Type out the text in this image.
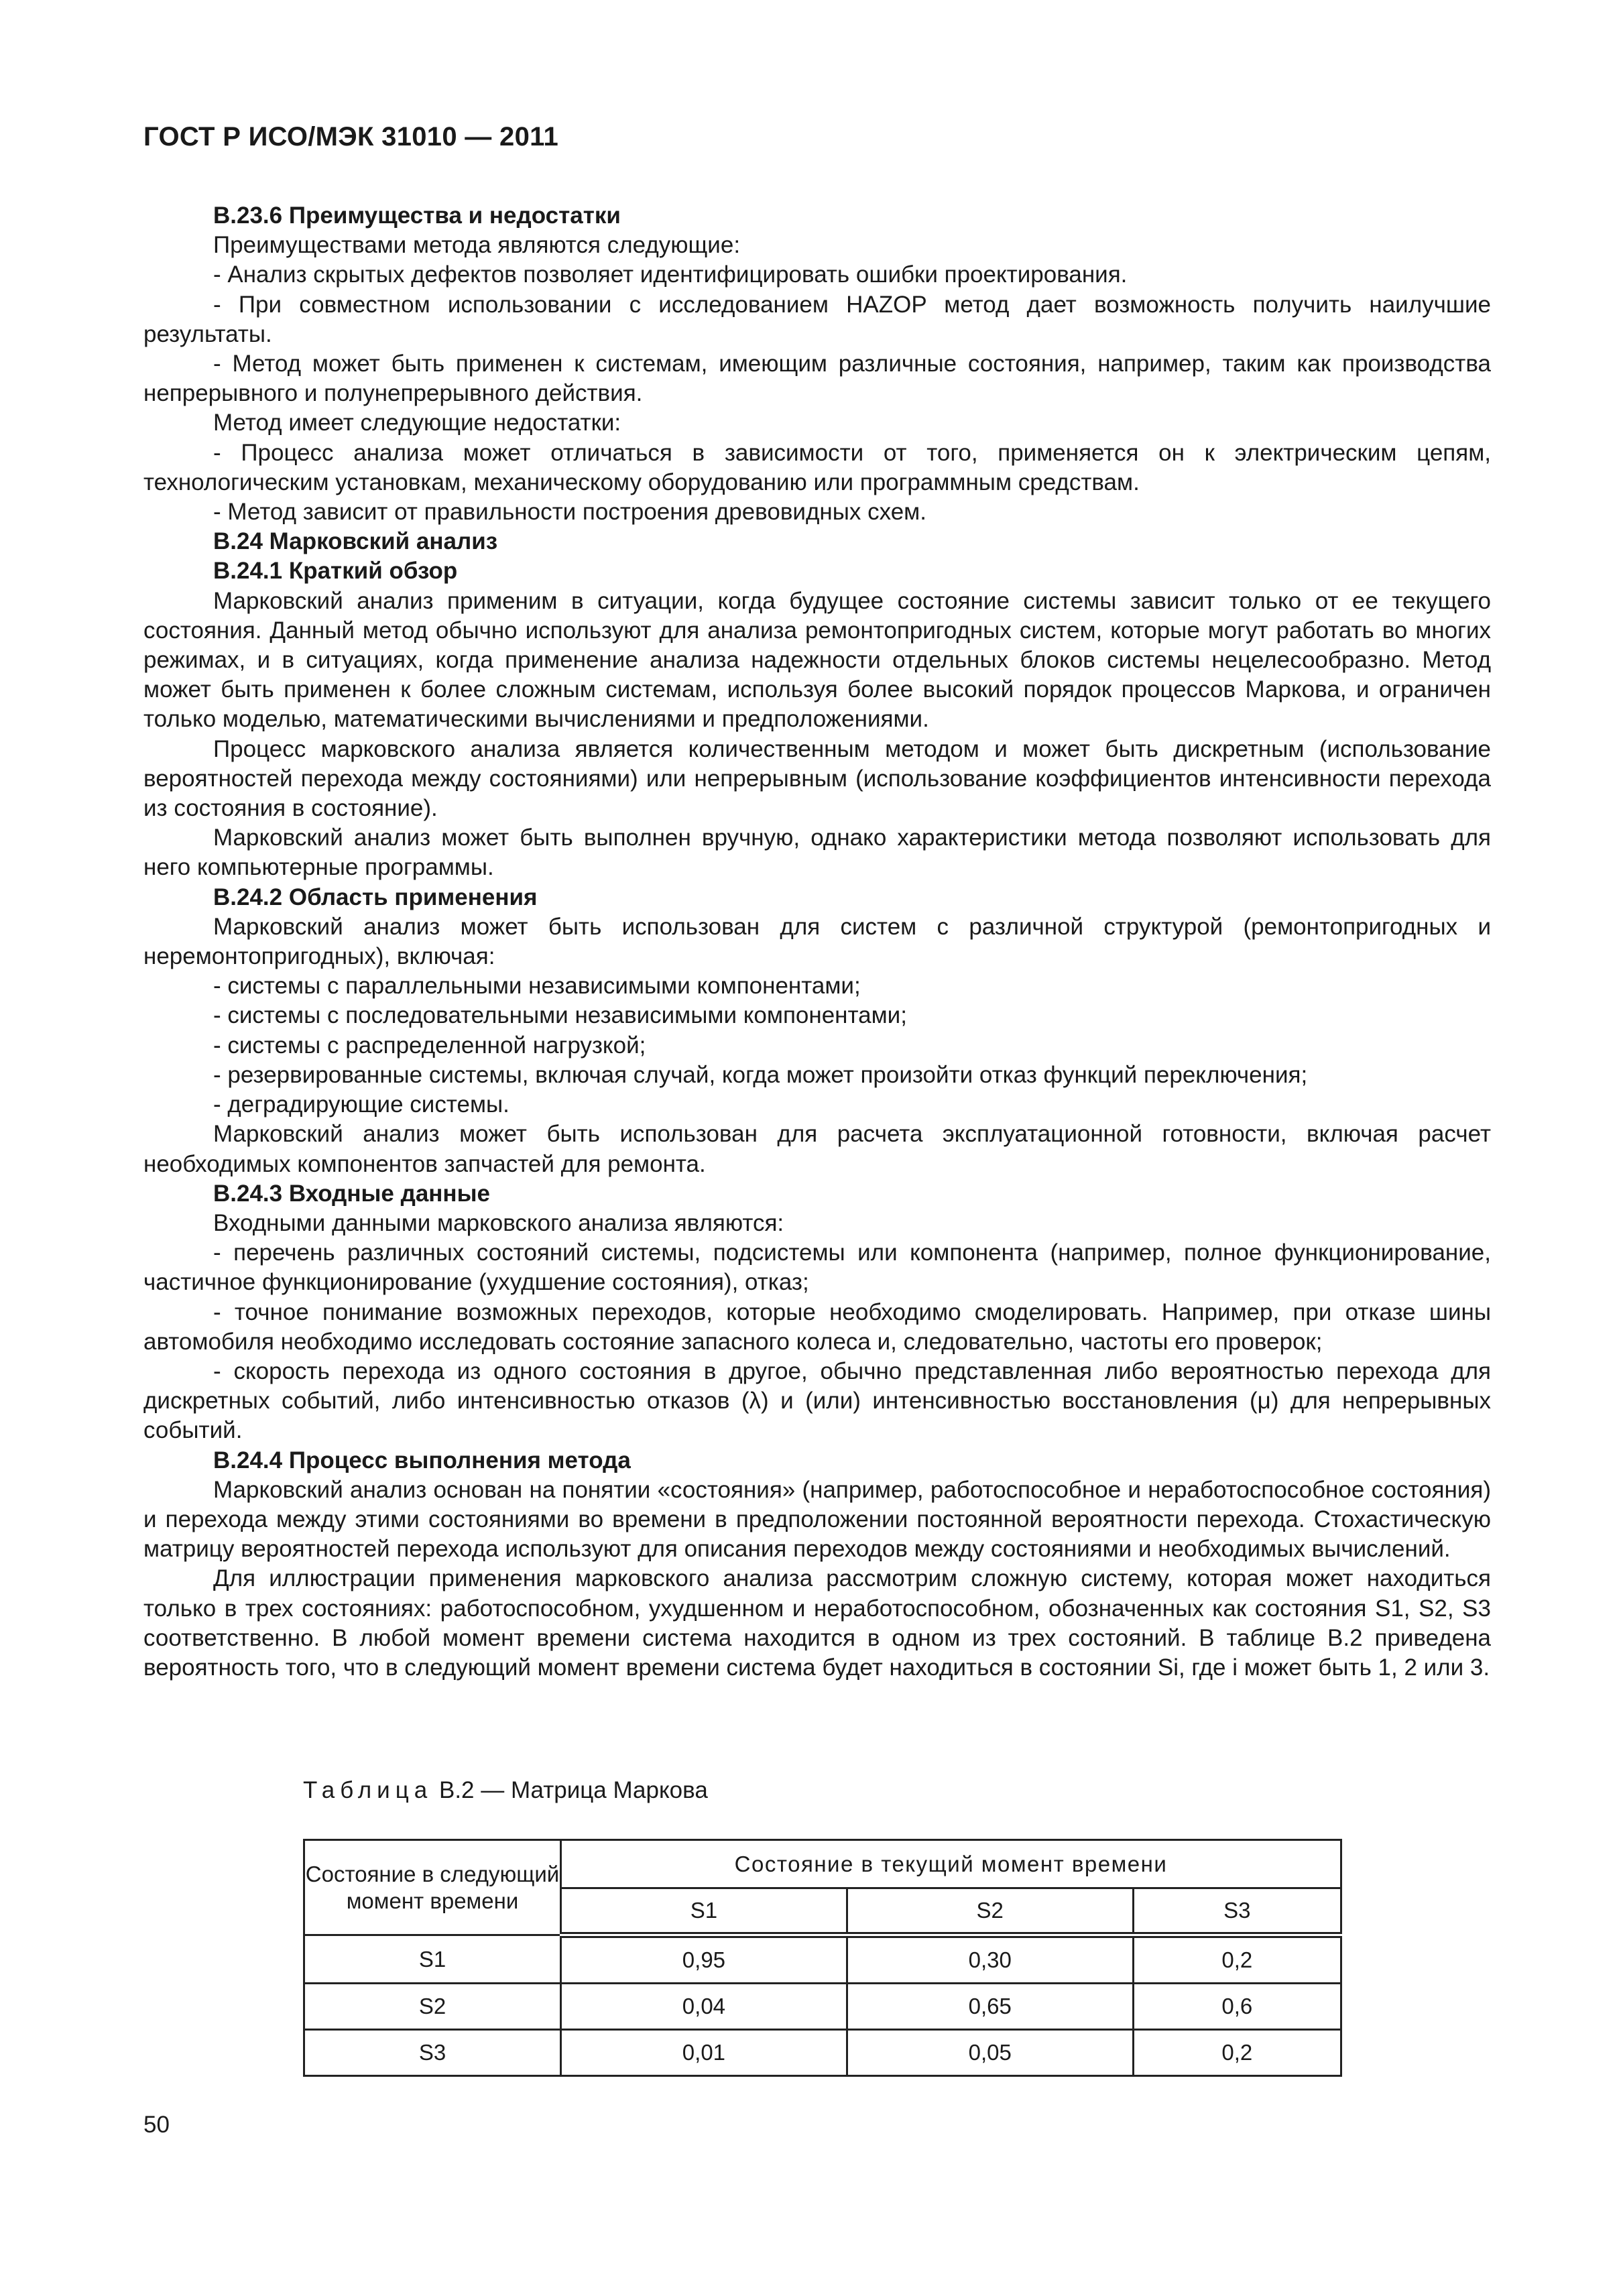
ГОСТ Р ИСО/МЭК 31010 — 2011
В.23.6 Преимущества и недостатки

Преимуществами метода являются следующие:

- Анализ скрытых дефектов позволяет идентифицировать ошибки проектирования.

- При совместном использовании с исследованием HAZOP метод дает возможность получить наилучшие результаты.

- Метод может быть применен к системам, имеющим различные состояния, например, таким как производства непрерывного и полунепрерывного действия.

Метод имеет следующие недостатки:

- Процесс анализа может отличаться в зависимости от того, применяется он к электрическим цепям, технологическим установкам, механическому оборудованию или программным средствам.

- Метод зависит от правильности построения древовидных схем.

В.24 Марковский анализ
В.24.1 Краткий обзор

Марковский анализ применим в ситуации, когда будущее состояние системы зависит только от ее текущего состояния. Данный метод обычно используют для анализа ремонтопригодных систем, которые могут работать во многих режимах, и в ситуациях, когда применение анализа надежности отдельных блоков системы нецелесообразно. Метод может быть применен к более сложным системам, используя более высокий порядок процессов Маркова, и ограничен только моделью, математическими вычислениями и предположениями.

Процесс марковского анализа является количественным методом и может быть дискретным (использование вероятностей перехода между состояниями) или непрерывным (использование коэффициентов интенсивности перехода из состояния в состояние).

Марковский анализ может быть выполнен вручную, однако характеристики метода позволяют использовать для него компьютерные программы.

В.24.2 Область применения

Марковский анализ может быть использован для систем с различной структурой (ремонтопригодных и неремонтопригодных), включая:

- системы с параллельными независимыми компонентами;

- системы с последовательными независимыми компонентами;

- системы с распределенной нагрузкой;

- резервированные системы, включая случай, когда может произойти отказ функций переключения;

- деградирующие системы.

Марковский анализ может быть использован для расчета эксплуатационной готовности, включая расчет необходимых компонентов запчастей для ремонта.

В.24.3 Входные данные

Входными данными марковского анализа являются:

- перечень различных состояний системы, подсистемы или компонента (например, полное функционирование, частичное функционирование (ухудшение состояния), отказ;

- точное понимание возможных переходов, которые необходимо смоделировать. Например, при отказе шины автомобиля необходимо исследовать состояние запасного колеса и, следовательно, частоты его проверок;

- скорость перехода из одного состояния в другое, обычно представленная либо вероятностью перехода для дискретных событий, либо интенсивностью отказов (λ) и (или) интенсивностью восстановления (μ) для непрерывных событий.

В.24.4 Процесс выполнения метода

Марковский анализ основан на понятии «состояния» (например, работоспособное и неработоспособное состояния) и перехода между этими состояниями во времени в предположении постоянной вероятности перехода. Стохастическую матрицу вероятностей перехода используют для описания переходов между состояниями и необходимых вычислений.

Для иллюстрации применения марковского анализа рассмотрим сложную систему, которая может находиться только в трех состояниях: работоспособном, ухудшенном и неработоспособном, обозначенных как состояния S1, S2, S3 соответственно. В любой момент времени система находится в одном из трех состояний. В таблице В.2 приведена вероятность того, что в следующий момент времени система будет находиться в состоянии Si, где i может быть 1, 2 или 3.

Таблица В.2 — Матрица Маркова
Состояние в следующий момент времени	Состояние в текущий момент времени		
	S1	S2	S3
S1	0,95	0,30	0,2
S2	0,04	0,65	0,6
S3	0,01	0,05	0,2
50
